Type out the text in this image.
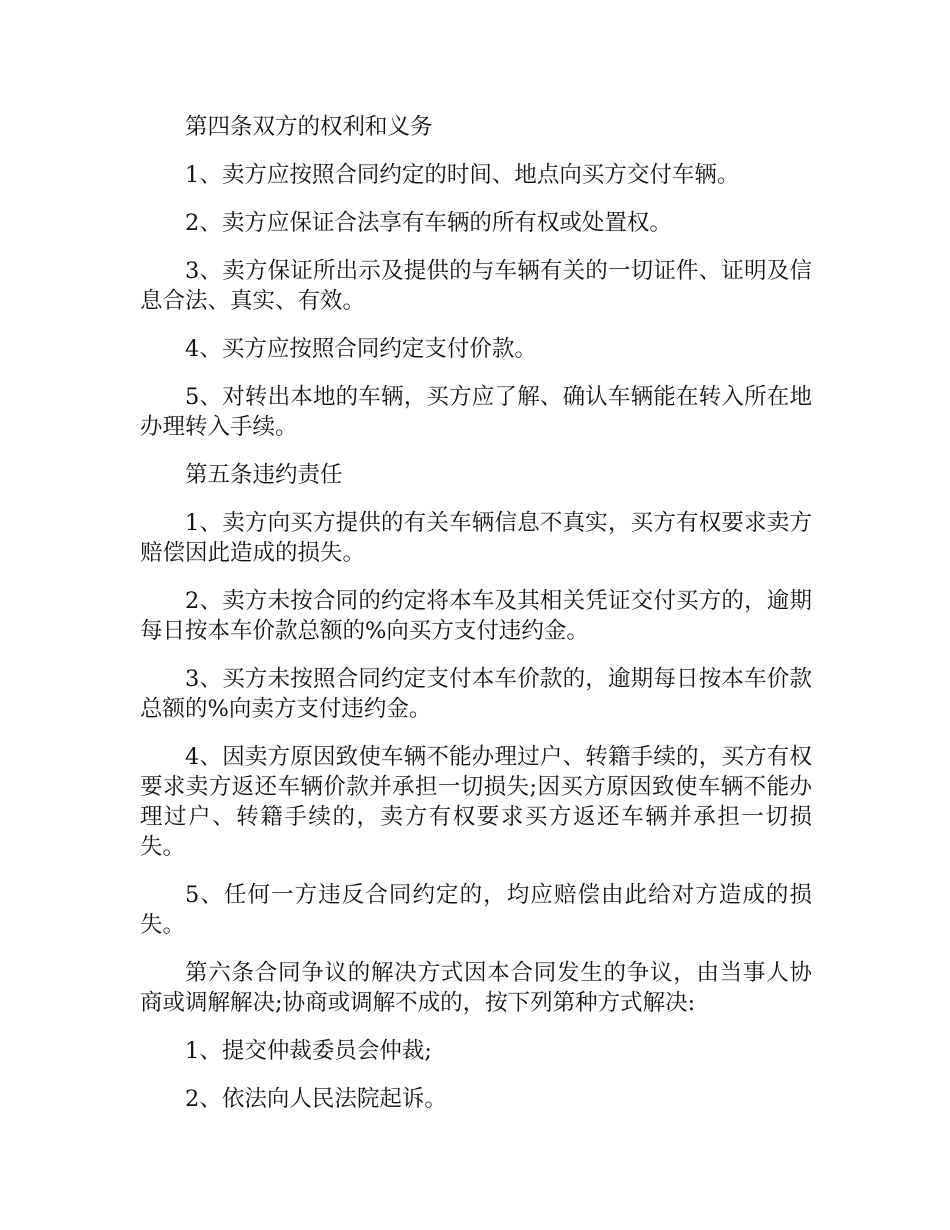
第四条双方的权利和义务

1、卖方应按照合同约定的时间、地点向买方交付车辆。

2、卖方应保证合法享有车辆的所有权或处置权。

3、卖方保证所出示及提供的与车辆有关的一切证件、证明及信息合法、真实、有效。

4、买方应按照合同约定支付价款。

5、对转出本地的车辆，买方应了解、确认车辆能在转入所在地办理转入手续。

第五条违约责任

1、卖方向买方提供的有关车辆信息不真实，买方有权要求卖方赔偿因此造成的损失。

2、卖方未按合同的约定将本车及其相关凭证交付买方的，逾期每日按本车价款总额的%向买方支付违约金。

3、买方未按照合同约定支付本车价款的，逾期每日按本车价款总额的%向卖方支付违约金。

4、因卖方原因致使车辆不能办理过户、转籍手续的，买方有权要求卖方返还车辆价款并承担一切损失;因买方原因致使车辆不能办理过户、转籍手续的，卖方有权要求买方返还车辆并承担一切损失。

5、任何一方违反合同约定的，均应赔偿由此给对方造成的损失。

第六条合同争议的解决方式因本合同发生的争议，由当事人协商或调解解决;协商或调解不成的，按下列第种方式解决:

1、提交仲裁委员会仲裁;

2、依法向人民法院起诉。
